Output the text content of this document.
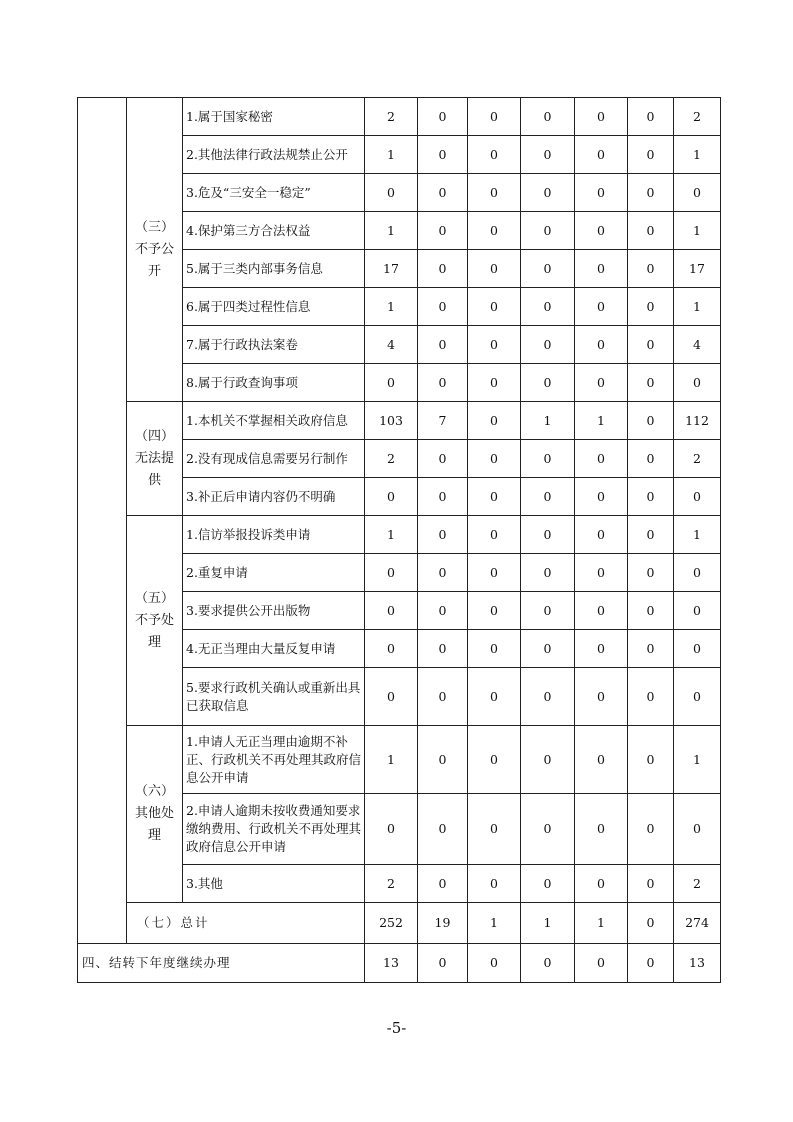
	（三）不予公开	1.属于国家秘密	2	0	0	0	0	0	2
		2.其他法律行政法规禁止公开	1	0	0	0	0	0	1
		3.危及“三安全一稳定”	0	0	0	0	0	0	0
		4.保护第三方合法权益	1	0	0	0	0	0	1
		5.属于三类内部事务信息	17	0	0	0	0	0	17
		6.属于四类过程性信息	1	0	0	0	0	0	1
		7.属于行政执法案卷	4	0	0	0	0	0	4
		8.属于行政查询事项	0	0	0	0	0	0	0
	（四）无法提供	1.本机关不掌握相关政府信息	103	7	0	1	1	0	112
		2.没有现成信息需要另行制作	2	0	0	0	0	0	2
		3.补正后申请内容仍不明确	0	0	0	0	0	0	0
	（五）不予处理	1.信访举报投诉类申请	1	0	0	0	0	0	1
		2.重复申请	0	0	0	0	0	0	0
		3.要求提供公开出版物	0	0	0	0	0	0	0
		4.无正当理由大量反复申请	0	0	0	0	0	0	0
		5.要求行政机关确认或重新出具已获取信息	0	0	0	0	0	0	0
	（六）其他处理	1.申请人无正当理由逾期不补正、行政机关不再处理其政府信息公开申请	1	0	0	0	0	0	1
		2.申请人逾期未按收费通知要求缴纳费用、行政机关不再处理其政府信息公开申请	0	0	0	0	0	0	0
		3.其他	2	0	0	0	0	0	2
	（七）总计		252	19	1	1	1	0	274
四、结转下年度继续办理			13	0	0	0	0	0	13
-5-
